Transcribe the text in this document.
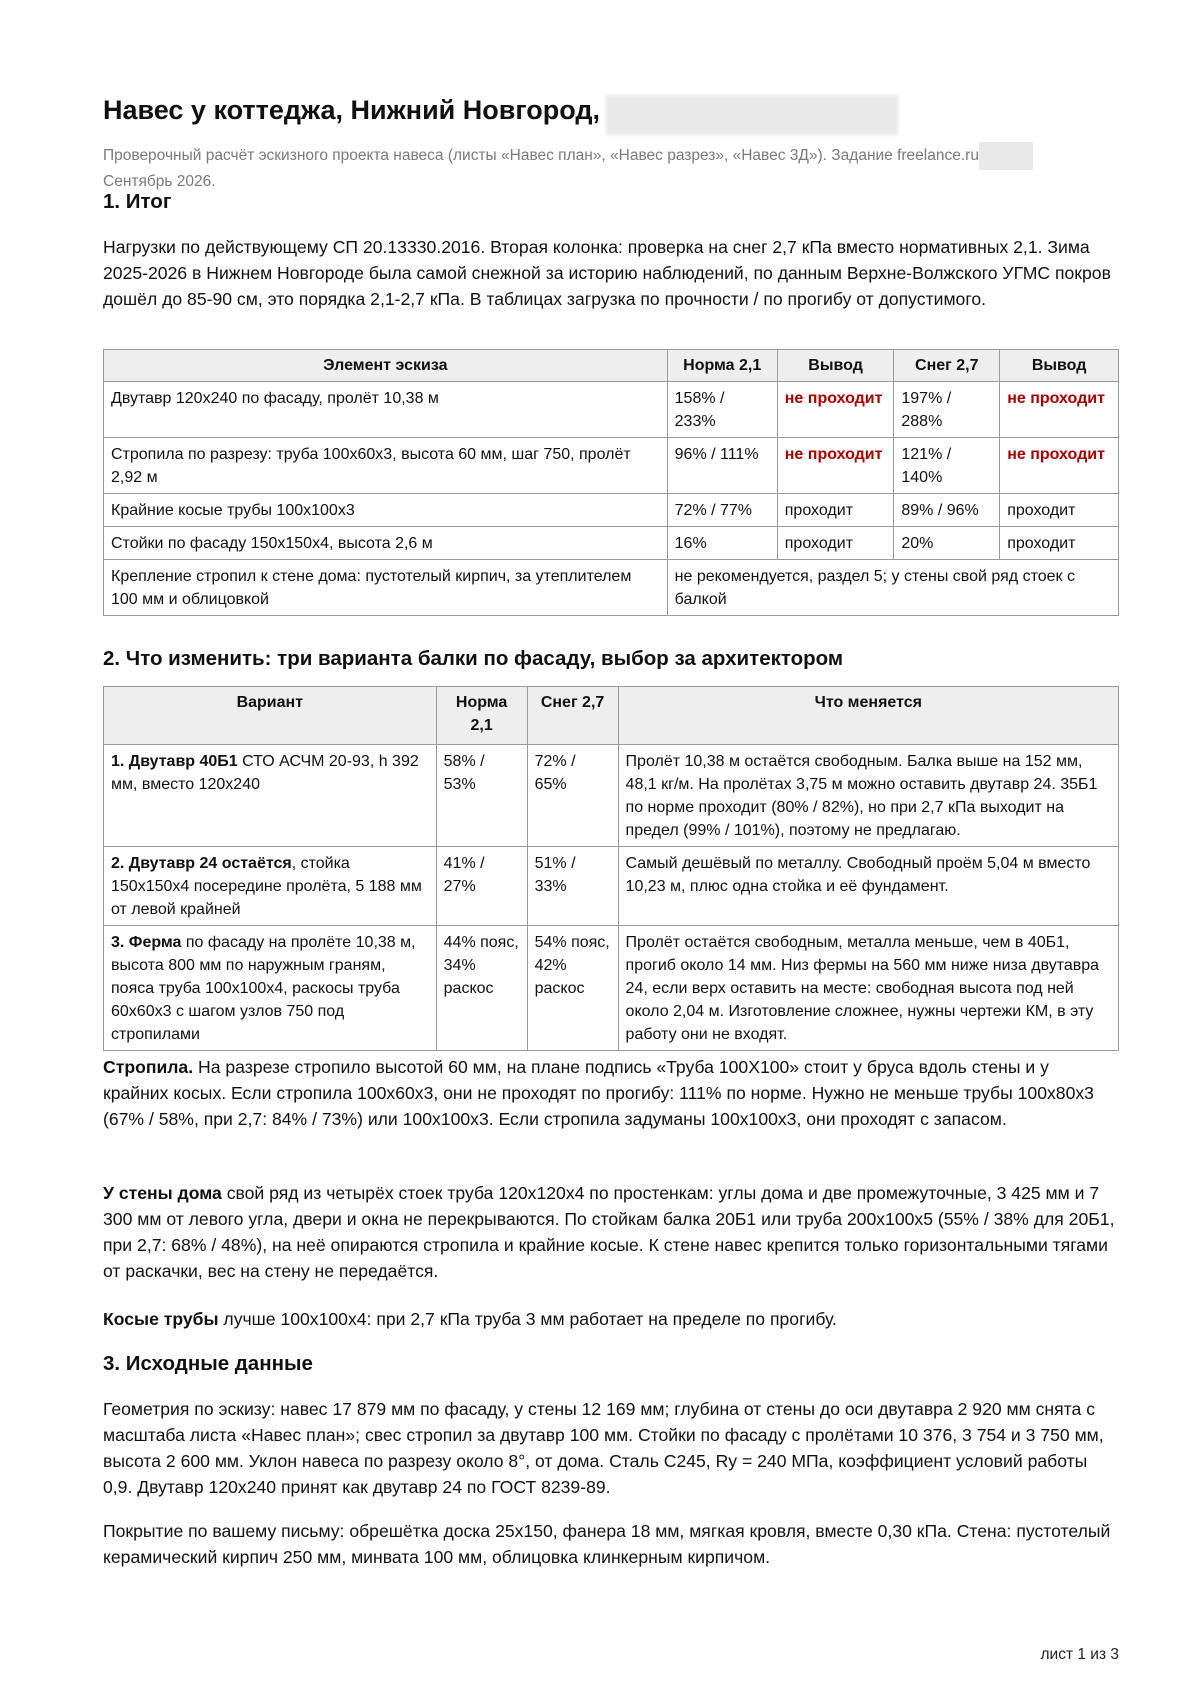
Навес у коттеджа, Нижний Новгород,
Проверочный расчёт эскизного проекта навеса (листы «Навес план», «Навес разрез», «Навес 3Д»). Задание freelance.ru
Сентябрь 2026.
1. Итог

Нагрузки по действующему СП 20.13330.2016. Вторая колонка: проверка на снег 2,7 кПа вместо нормативных 2,1. Зима 2025-2026 в Нижнем Новгороде была самой снежной за историю наблюдений, по данным Верхне-Волжского УГМС покров дошёл до 85-90 см, это порядка 2,1-2,7 кПа. В таблицах загрузка по прочности / по прогибу от допустимого.

Элемент эскиза	Норма 2,1	Вывод	Снег 2,7	Вывод
Двутавр 120х240 по фасаду, пролёт 10,38 м	158% / 233%	не проходит	197% / 288%	не проходит
Стропила по разрезу: труба 100х60х3, высота 60 мм, шаг 750, пролёт 2,92 м	96% / 111%	не проходит	121% / 140%	не проходит
Крайние косые трубы 100х100х3	72% / 77%	проходит	89% / 96%	проходит
Стойки по фасаду 150х150х4, высота 2,6 м	16%	проходит	20%	проходит
Крепление стропил к стене дома: пустотелый кирпич, за утеплителем 100 мм и облицовкой	не рекомендуется, раздел 5; у стены свой ряд стоек с балкой			
2. Что изменить: три варианта балки по фасаду, выбор за архитектором
Вариант	Норма 2,1	Снег 2,7	Что меняется
1. Двутавр 40Б1 СТО АСЧМ 20-93, h 392 мм, вместо 120х240	58% / 53%	72% / 65%	Пролёт 10,38 м остаётся свободным. Балка выше на 152 мм, 48,1 кг/м. На пролётах 3,75 м можно оставить двутавр 24. 35Б1 по норме проходит (80% / 82%), но при 2,7 кПа выходит на предел (99% / 101%), поэтому не предлагаю.
2. Двутавр 24 остаётся, стойка 150х150х4 посередине пролёта, 5 188 мм от левой крайней	41% / 27%	51% / 33%	Самый дешёвый по металлу. Свободный проём 5,04 м вместо 10,23 м, плюс одна стойка и её фундамент.
3. Ферма по фасаду на пролёте 10,38 м, высота 800 мм по наружным граням, пояса труба 100х100х4, раскосы труба 60х60х3 с шагом узлов 750 под стропилами	44% пояс, 34% раскос	54% пояс, 42% раскос	Пролёт остаётся свободным, металла меньше, чем в 40Б1, прогиб около 14 мм. Низ фермы на 560 мм ниже низа двутавра 24, если верх оставить на месте: свободная высота под ней около 2,04 м. Изготовление сложнее, нужны чертежи КМ, в эту работу они не входят.

Стропила. На разрезе стропило высотой 60 мм, на плане подпись «Труба 100Х100» стоит у бруса вдоль стены и у крайних косых. Если стропила 100х60х3, они не проходят по прогибу: 111% по норме. Нужно не меньше трубы 100х80х3 (67% / 58%, при 2,7: 84% / 73%) или 100х100х3. Если стропила задуманы 100х100х3, они проходят с запасом.

У стены дома свой ряд из четырёх стоек труба 120х120х4 по простенкам: углы дома и две промежуточные, 3 425 мм и 7 300 мм от левого угла, двери и окна не перекрываются. По стойкам балка 20Б1 или труба 200х100х5 (55% / 38% для 20Б1, при 2,7: 68% / 48%), на неё опираются стропила и крайние косые. К стене навес крепится только горизонтальными тягами от раскачки, вес на стену не передаётся.

Косые трубы лучше 100х100х4: при 2,7 кПа труба 3 мм работает на пределе по прогибу.

3. Исходные данные

Геометрия по эскизу: навес 17 879 мм по фасаду, у стены 12 169 мм; глубина от стены до оси двутавра 2 920 мм снята с масштаба листа «Навес план»; свес стропил за двутавр 100 мм. Стойки по фасаду с пролётами 10 376, 3 754 и 3 750 мм, высота 2 600 мм. Уклон навеса по разрезу около 8°, от дома. Сталь С245, Ry = 240 МПа, коэффициент условий работы 0,9. Двутавр 120х240 принят как двутавр 24 по ГОСТ 8239-89.

Покрытие по вашему письму: обрешётка доска 25х150, фанера 18 мм, мягкая кровля, вместе 0,30 кПа. Стена: пустотелый керамический кирпич 250 мм, минвата 100 мм, облицовка клинкерным кирпичом.

лист 1 из 3
